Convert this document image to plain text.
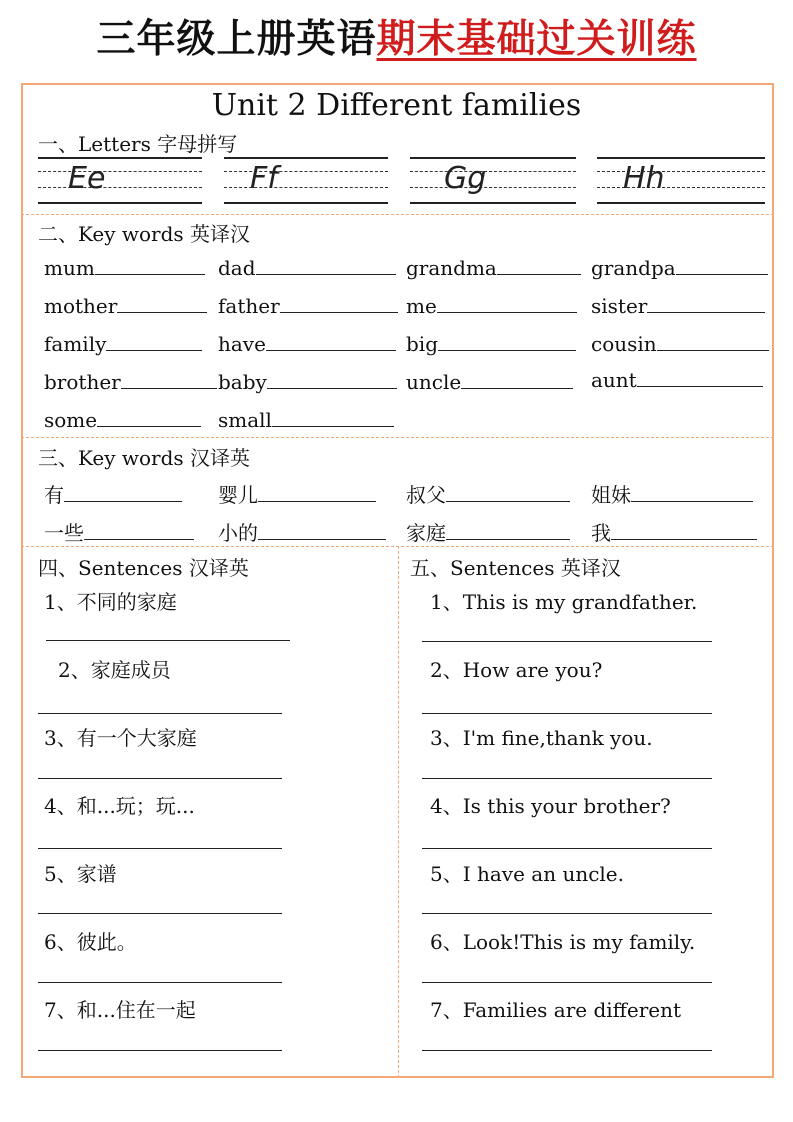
三年级上册英语期末基础过关训练
Unit 2 Different families
一、Letters 字母拼写
Ee	Ff	Gg	Hh
二、Key words 英译汉
mum	dad	grandma	grandpa
mother	father	me	sister
family	have	big	cousin
brother	baby	uncle	aunt
some	small
三、Key words 汉译英
有	婴儿	叔父	姐妹
一些	小的	家庭	我
四、Sentences 汉译英
1、不同的家庭
2、家庭成员
3、有一个大家庭
4、和...玩；玩...
5、家谱
6、彼此。
7、和...住在一起
五、Sentences 英译汉
1、This is my grandfather.
2、How are you?
3、I'm fine,thank you.
4、Is this your brother?
5、I have an uncle.
6、Look!This is my family.
7、Families are different
